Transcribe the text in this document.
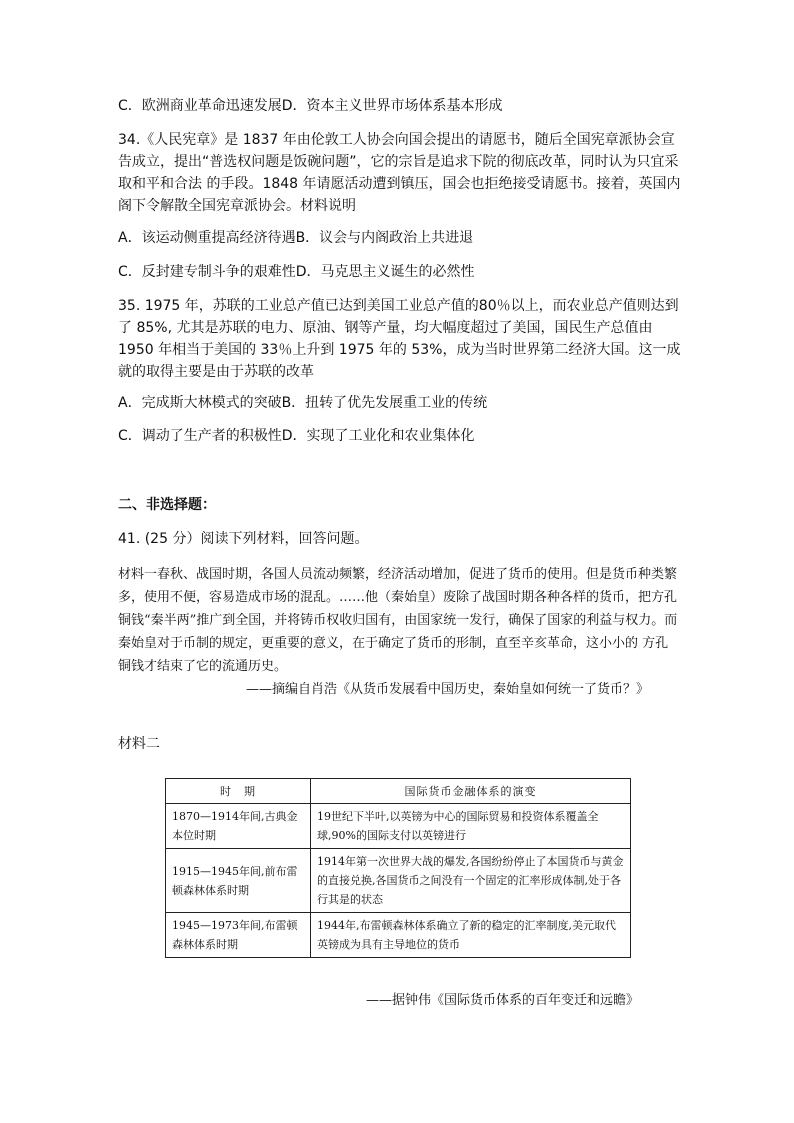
C．欧洲商业革命迅速发展D．资本主义世界市场体系基本形成
34.《人民宪章》是 1837 年由伦敦工人协会向国会提出的请愿书，随后全国宪章派协会宣告成立，提出“普选权问题是饭碗问题”，它的宗旨是追求下院的彻底改革，同时认为只宜采取和平和合法 的手段。1848 年请愿活动遭到镇压，国会也拒绝接受请愿书。接着，英国内阁下令解散全国宪章派协会。材料说明
A．该运动侧重提高经济待遇B．议会与内阁政治上共进退
C．反封建专制斗争的艰难性D．马克思主义诞生的必然性
35. 1975 年，苏联的工业总产值已达到美国工业总产值的80％以上，而农业总产值则达到了 85%, 尤其是苏联的电力、原油、钢等产量，均大幅度超过了美国，国民生产总值由 1950 年相当于美国的 33％上升到 1975 年的 53%，成为当时世界第二经济大国。这一成就的取得主要是由于苏联的改革
A．完成斯大林模式的突破B．扭转了优先发展重工业的传统
C．调动了生产者的积极性D．实现了工业化和农业集体化
二、非选择题：
41. (25 分）阅读下列材料，回答问题。
材料一春秋、战国时期，各国人员流动频繁，经济活动增加，促进了货币的使用。但是货币种类繁多，使用不便，容易造成市场的混乱。……他（秦始皇）废除了战国时期各种各样的货币，把方孔铜钱“秦半两”推广到全国，并将铸币权收归国有，由国家统一发行，确保了国家的利益与权力。而秦始皇对于币制的规定，更重要的意义，在于确定了货币的形制，直至辛亥革命，这小小的 方孔铜钱才结束了它的流通历史。
——摘编自肖浩《从货币发展看中国历史，秦始皇如何统一了货币？》
材料二
时　期	国际货币金融体系的演变
1870—1914年间,古典金本位时期	19世纪下半叶,以英镑为中心的国际贸易和投资体系覆盖全球,90%的国际支付以英镑进行
1915—1945年间,前布雷顿森林体系时期	1914年第一次世界大战的爆发,各国纷纷停止了本国货币与黄金的直接兑换,各国货币之间没有一个固定的汇率形成体制,处于各行其是的状态
1945—1973年间,布雷顿森林体系时期	1944年,布雷顿森林体系确立了新的稳定的汇率制度,美元取代英镑成为具有主导地位的货币
——据钟伟《国际货币体系的百年变迁和远瞻》
